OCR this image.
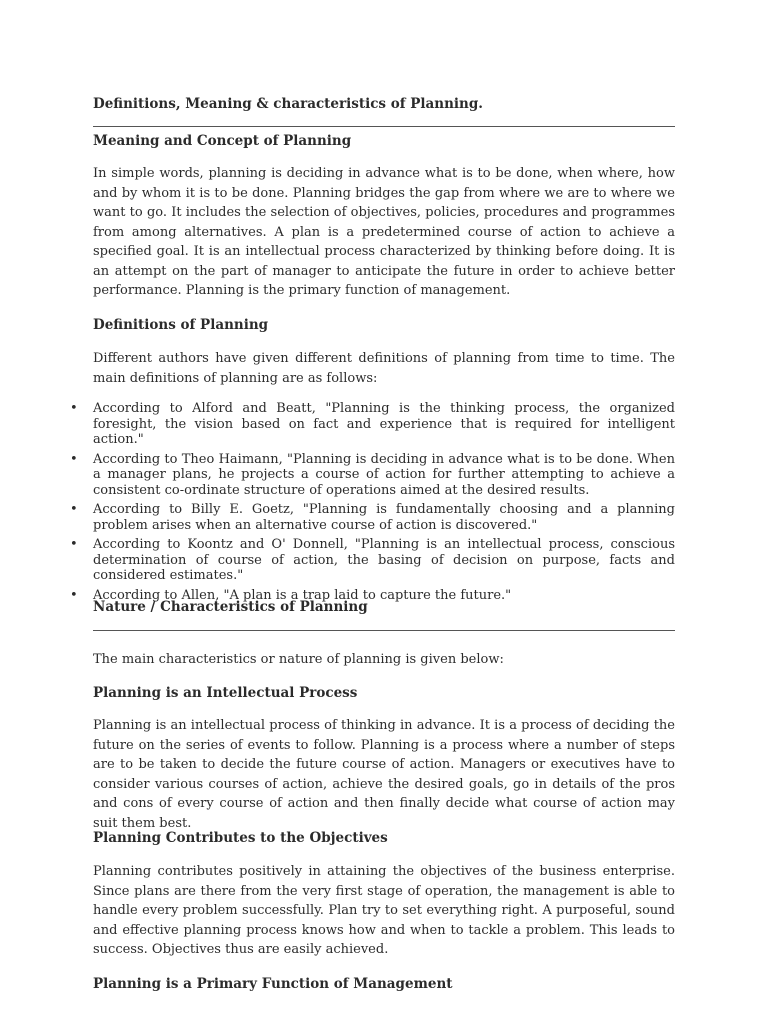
Definitions, Meaning & characteristics of Planning.
Meaning and Concept of Planning

In simple words, planning is deciding in advance what is to be done, when where, how and by whom it is to be done. Planning bridges the gap from where we are to where we want to go. It includes the selection of objectives, policies, procedures and programmes from among alternatives. A plan is a predetermined course of action to achieve a specified goal. It is an intellectual process characterized by thinking before doing. It is an attempt on the part of manager to anticipate the future in order to achieve better performance. Planning is the primary function of management.

Definitions of Planning

Different authors have given different definitions of planning from time to time. The main definitions of planning are as follows:

• According to Alford and Beatt, "Planning is the thinking process, the organized foresight, the vision based on fact and experience that is required for intelligent action."
• According to Theo Haimann, "Planning is deciding in advance what is to be done. When a manager plans, he projects a course of action for further attempting to achieve a consistent co-ordinate structure of operations aimed at the desired results.
• According to Billy E. Goetz, "Planning is fundamentally choosing and a planning problem arises when an alternative course of action is discovered."
• According to Koontz and O' Donnell, "Planning is an intellectual process, conscious determination of course of action, the basing of decision on purpose, facts and considered estimates."
• According to Allen, "A plan is a trap laid to capture the future."
Nature / Characteristics of Planning

The main characteristics or nature of planning is given below:

Planning is an Intellectual Process

Planning is an intellectual process of thinking in advance. It is a process of deciding the future on the series of events to follow. Planning is a process where a number of steps are to be taken to decide the future course of action. Managers or executives have to consider various courses of action, achieve the desired goals, go in details of the pros and cons of every course of action and then finally decide what course of action may suit them best.

Planning Contributes to the Objectives

Planning contributes positively in attaining the objectives of the business enterprise. Since plans are there from the very first stage of operation, the management is able to handle every problem successfully. Plan try to set everything right. A purposeful, sound and effective planning process knows how and when to tackle a problem. This leads to success. Objectives thus are easily achieved.

Planning is a Primary Function of Management
